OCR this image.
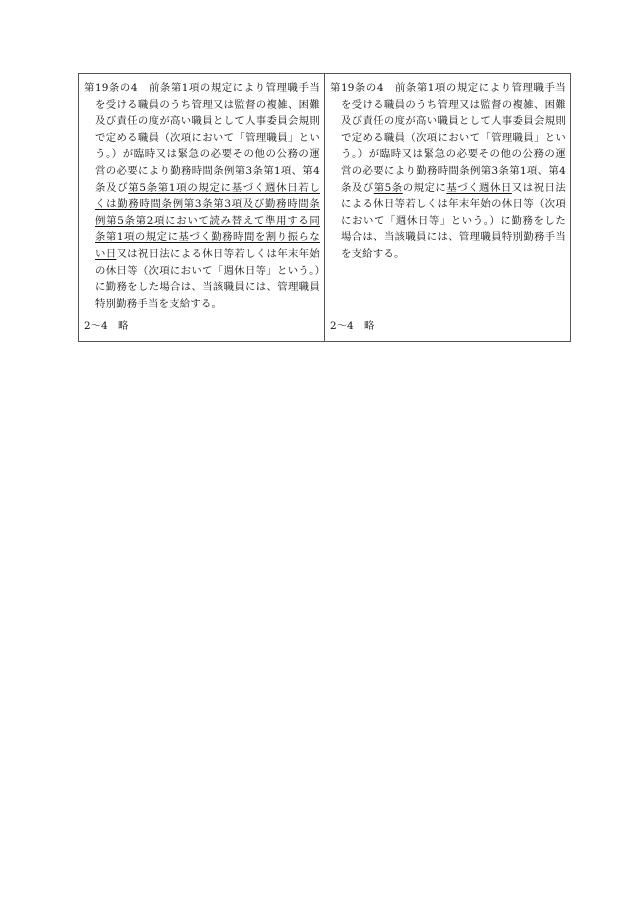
第19条の4　 前条第1項の規定により管理職手当を受ける職員のうち管理又は監督の複雑、困難及び責任の度が高い職員として人事委員会規則で定める職員（次項において「管理職員」という。）が臨時又は緊急の必要その他の公務の運営の必要により勤務時間条例第3条第1項、第4条及び第5条第1項の規定に基づく週休日若しくは勤務時間条例第3条第3項及び勤務時間条例第5条第2項において読み替えて準用する同条第1項の規定に基づく勤務時間を割り振らない日又は祝日法による休日等若しくは年末年始の休日等（次項において「週休日等」という。）に勤務をした場合は、当該職員には、管理職員特別勤務手当を支給する。
2〜4　略

第19条の4　 前条第1項の規定により管理職手当を受ける職員のうち管理又は監督の複雑、困難及び責任の度が高い職員として人事委員会規則で定める職員（次項において「管理職員」という。）が臨時又は緊急の必要その他の公務の運営の必要により勤務時間条例第3条第1項、第4条及び第5条の規定に基づく週休日又は祝日法による休日等若しくは年末年始の休日等（次項において「週休日等」という。）に勤務をした場合は、当該職員には、管理職員特別勤務手当を支給する。
2〜4　略
